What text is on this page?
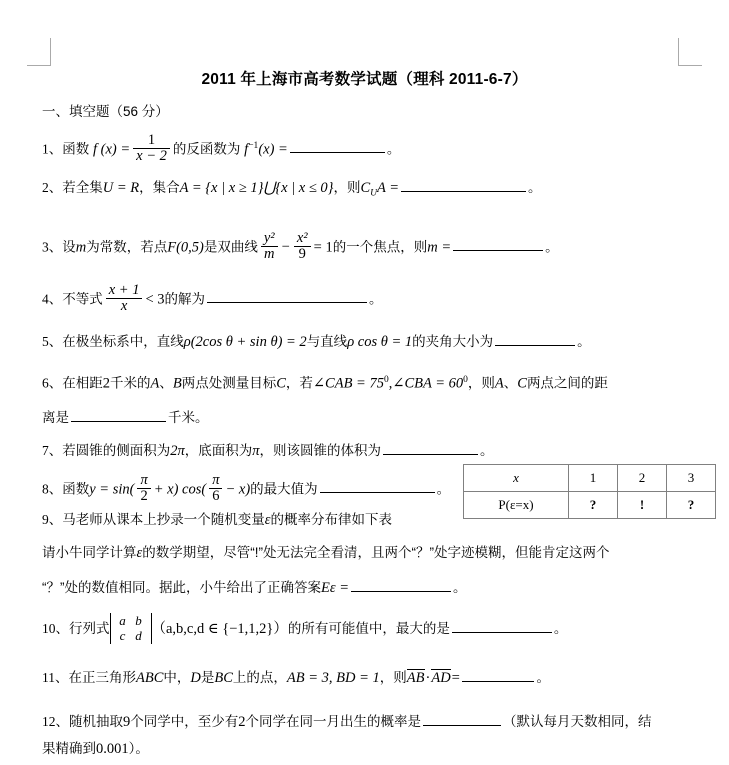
2011 年上海市高考数学试题（理科 2011-6-7）
一、填空题（56 分）
1、函数 f $(x) = \frac{1}{x - 2}$ 的反函数为 $f^{-1}(x)$ =	。
2、若全集U = R，集合A = {x | x ≥ 1}⋃{x | x ≤ 0}，则$C_UA$ =	。
3、设m为常数，若点F(0,5)是双曲线 $\frac{\text{y²}}{m} - \frac{\text{x²}}{9} = 1$的一个焦点，则m =	。
4、不等式 $\frac{x + 1}{x} < 3$的解为	。
5、在极坐标系中，直线ρ(2cos θ + sin θ) = 2与直线ρ cos θ = 1的夹角大小为	。
6、在相距2千米的A、B两点处测量目标C，若∠CAB = $75^0,\angle CBA = 60^0$，则A、C两点之间的距
离是	千米。
7、若圆锥的侧面积为2π，底面积为π，则该圆锥的体积为	。
8、函数$y = \sin( \frac{\pi}{2} + x)$ $\cos( \frac{\pi}{6} - x)$的最大值为	。
x	1	2	3
P(ε=x)	?	!	?
9、马老师从课本上抄录一个随机变量ε的概率分布律如下表
请小牛同学计算ε的数学期望，尽管“!”处无法完全看清，且两个“？”处字迹模糊，但能肯定这两个
“？”处的数值相同。据此，小牛给出了正确答案Eε =	。
10、行列式
a b
c d （a,b,c,d ∈ {−1,1,2}）的所有可能值中，最大的是	。
11、在正三角形ABC中，D是BC上的点，AB = 3, BD = 1，则AB·AD=	。
12、随机抽取9个同学中，至少有2个同学在同一月出生的概率是	（默认每月天数相同，结
果精确到0.001）。
